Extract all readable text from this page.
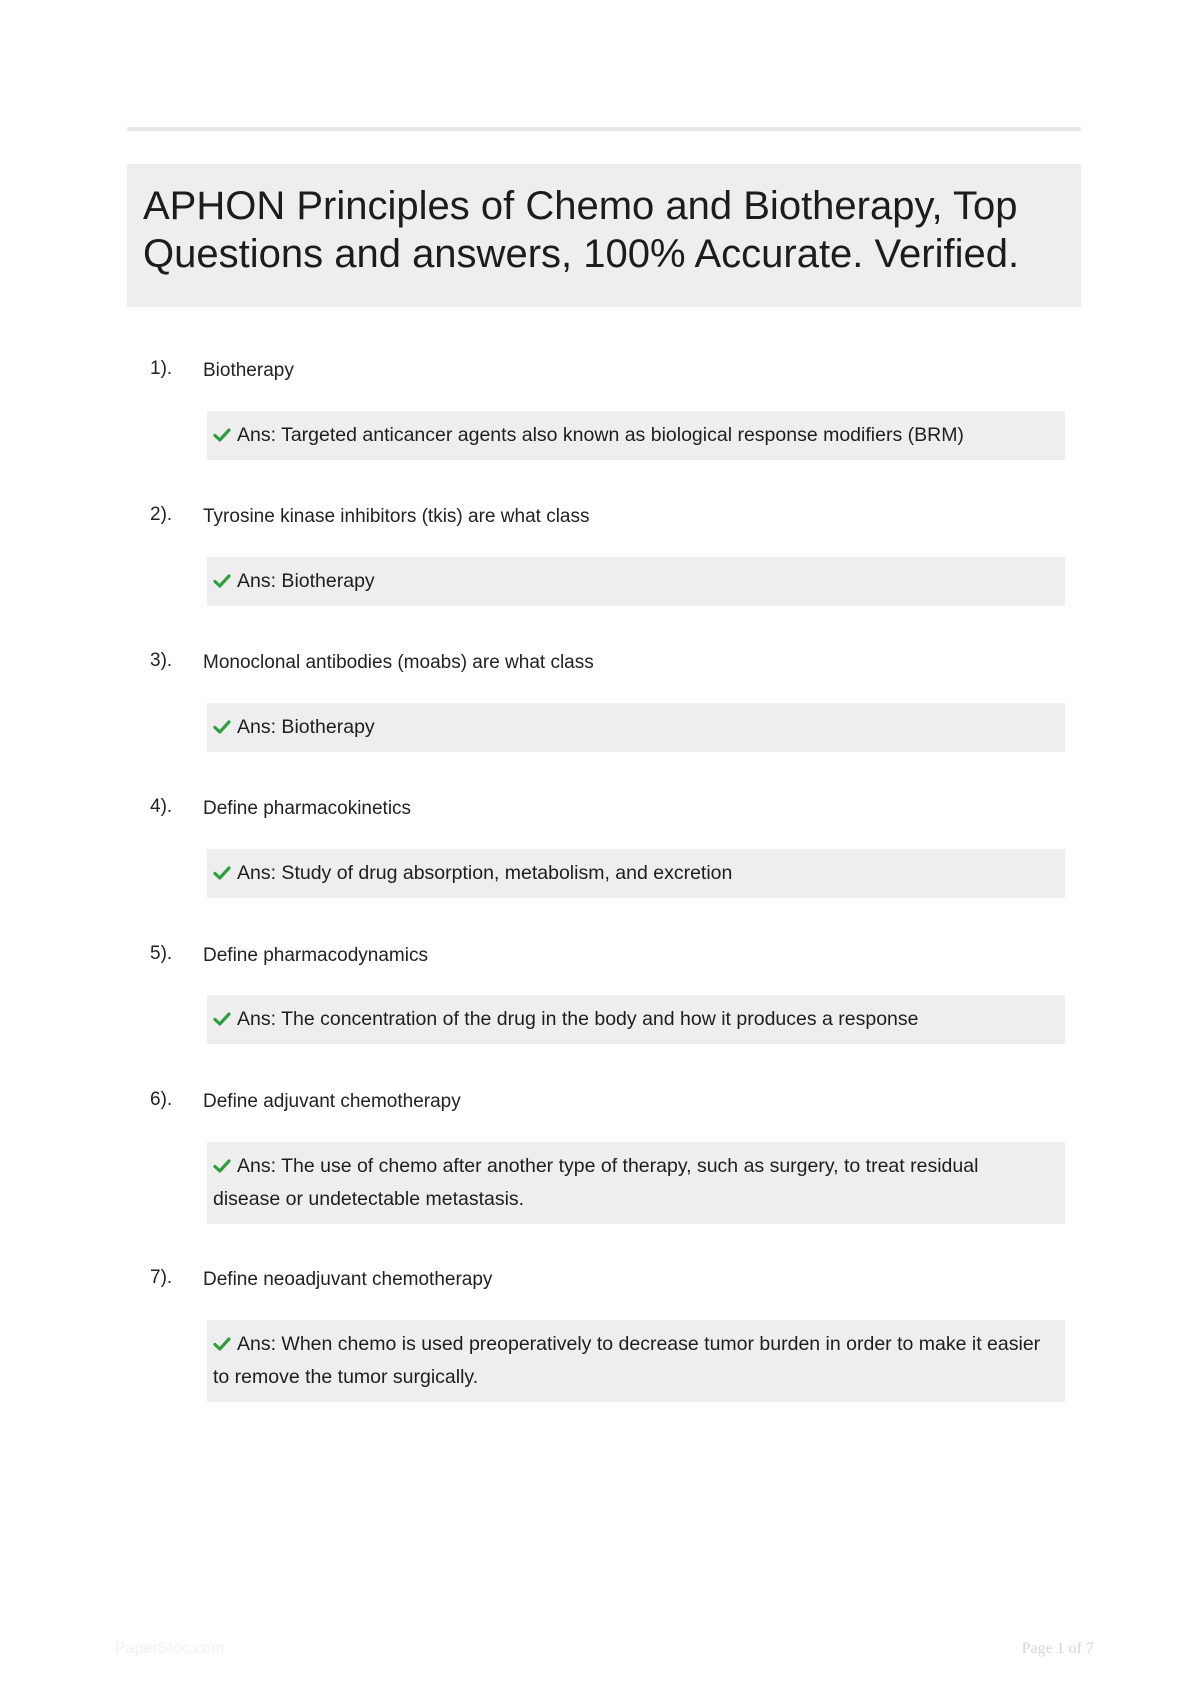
APHON Principles of Chemo and Biotherapy, Top Questions and answers, 100% Accurate. Verified.
1). Biotherapy
Ans: Targeted anticancer agents also known as biological response modifiers (BRM)
2). Tyrosine kinase inhibitors (tkis) are what class
Ans: Biotherapy
3). Monoclonal antibodies (moabs) are what class
Ans: Biotherapy
4). Define pharmacokinetics
Ans: Study of drug absorption, metabolism, and excretion
5). Define pharmacodynamics
Ans: The concentration of the drug in the body and how it produces a response
6). Define adjuvant chemotherapy
Ans: The use of chemo after another type of therapy, such as surgery, to treat residual disease or undetectable metastasis.
7). Define neoadjuvant chemotherapy
Ans: When chemo is used preoperatively to decrease tumor burden in order to make it easier to remove the tumor surgically.
PaperStoc.com	Page 1 of 7
